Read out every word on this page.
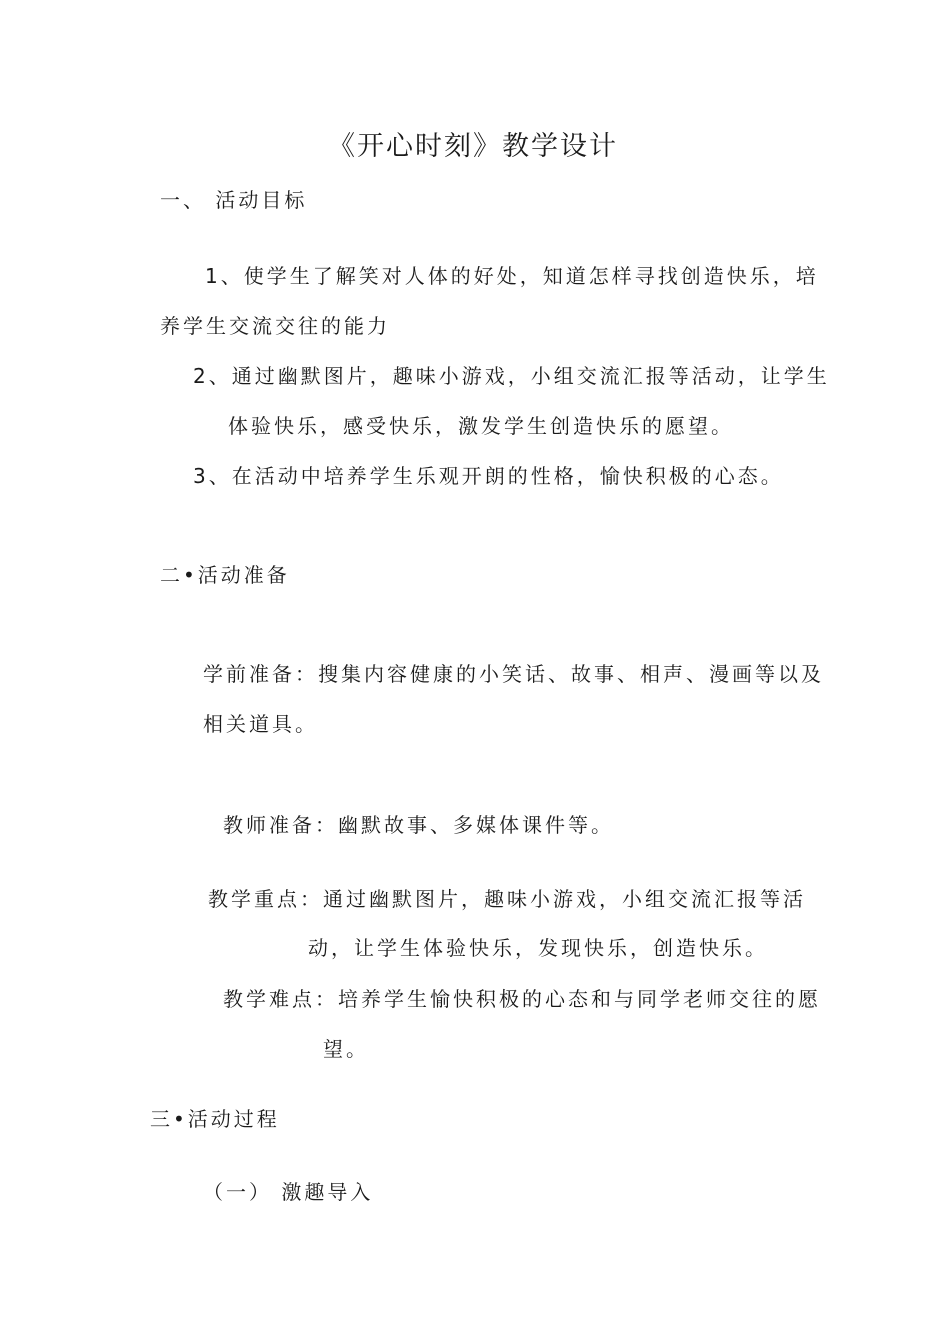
《开心时刻》教学设计
一、 活动目标
1、使学生了解笑对人体的好处，知道怎样寻找创造快乐，培
养学生交流交往的能力
2、通过幽默图片，趣味小游戏，小组交流汇报等活动，让学生
体验快乐，感受快乐，激发学生创造快乐的愿望。
3、在活动中培养学生乐观开朗的性格，愉快积极的心态。
二•活动准备
学前准备：搜集内容健康的小笑话、故事、相声、漫画等以及
相关道具。
教师准备：幽默故事、多媒体课件等。
教学重点：通过幽默图片，趣味小游戏，小组交流汇报等活
动，让学生体验快乐，发现快乐，创造快乐。
教学难点：培养学生愉快积极的心态和与同学老师交往的愿
望。
三•活动过程
（一） 激趣导入
